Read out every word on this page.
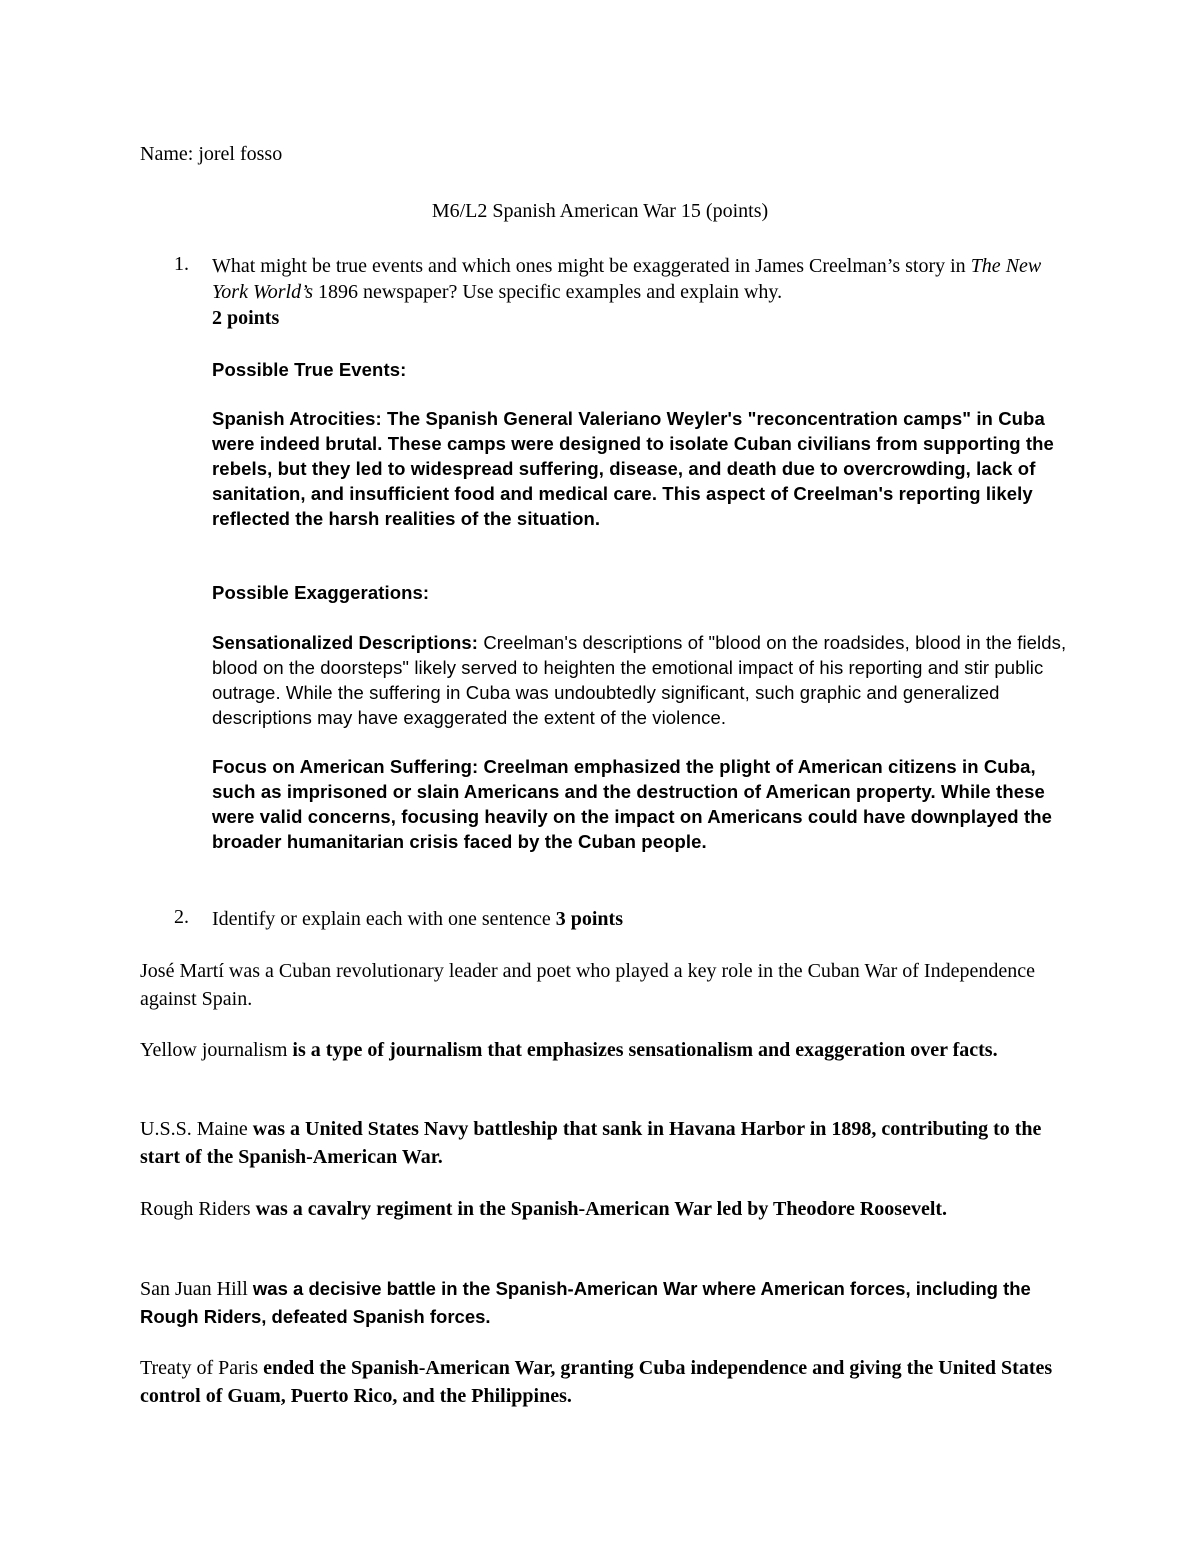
Name: jorel fosso

M6/L2 Spanish American War 15 (points)

1. What might be true events and which ones might be exaggerated in James Creelman’s story in The New York World’s 1896 newspaper? Use specific examples and explain why.
2 points

Possible True Events:

Spanish Atrocities: The Spanish General Valeriano Weyler's "reconcentration camps" in Cuba were indeed brutal. These camps were designed to isolate Cuban civilians from supporting the rebels, but they led to widespread suffering, disease, and death due to overcrowding, lack of sanitation, and insufficient food and medical care. This aspect of Creelman's reporting likely reflected the harsh realities of the situation.

Possible Exaggerations:

Sensationalized Descriptions: Creelman's descriptions of "blood on the roadsides, blood in the fields, blood on the doorsteps" likely served to heighten the emotional impact of his reporting and stir public outrage. While the suffering in Cuba was undoubtedly significant, such graphic and generalized descriptions may have exaggerated the extent of the violence.

Focus on American Suffering: Creelman emphasized the plight of American citizens in Cuba, such as imprisoned or slain Americans and the destruction of American property. While these were valid concerns, focusing heavily on the impact on Americans could have downplayed the broader humanitarian crisis faced by the Cuban people.

2. Identify or explain each with one sentence 3 points

José Martí was a Cuban revolutionary leader and poet who played a key role in the Cuban War of Independence against Spain.

Yellow journalism is a type of journalism that emphasizes sensationalism and exaggeration over facts.

U.S.S. Maine was a United States Navy battleship that sank in Havana Harbor in 1898, contributing to the start of the Spanish-American War.

Rough Riders was a cavalry regiment in the Spanish-American War led by Theodore Roosevelt.

San Juan Hill was a decisive battle in the Spanish-American War where American forces, including the Rough Riders, defeated Spanish forces.

Treaty of Paris ended the Spanish-American War, granting Cuba independence and giving the United States control of Guam, Puerto Rico, and the Philippines.
